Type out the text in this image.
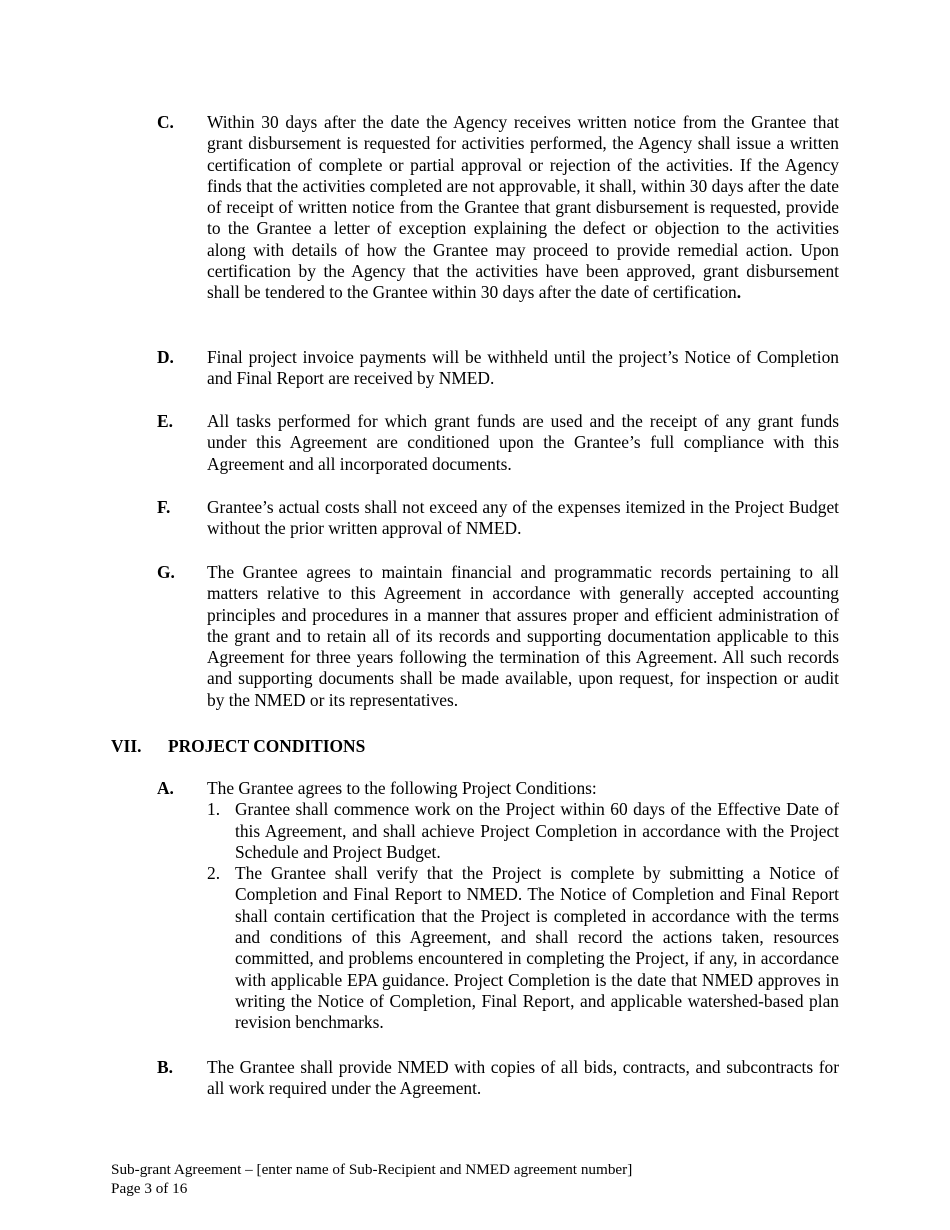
C.	Within 30 days after the date the Agency receives written notice from the Grantee that grant disbursement is requested for activities performed, the Agency shall issue a written certification of complete or partial approval or rejection of the activities. If the Agency finds that the activities completed are not approvable, it shall, within 30 days after the date of receipt of written notice from the Grantee that grant disbursement is requested, provide to the Grantee a letter of exception explaining the defect or objection to the activities along with details of how the Grantee may proceed to provide remedial action. Upon certification by the Agency that the activities have been approved, grant disbursement shall be tendered to the Grantee within 30 days after the date of certification.
D.	Final project invoice payments will be withheld until the project’s Notice of Completion and Final Report are received by NMED.
E.	All tasks performed for which grant funds are used and the receipt of any grant funds under this Agreement are conditioned upon the Grantee’s full compliance with this Agreement and all incorporated documents.
F.	Grantee’s actual costs shall not exceed any of the expenses itemized in the Project Budget without the prior written approval of NMED.
G.	The Grantee agrees to maintain financial and programmatic records pertaining to all matters relative to this Agreement in accordance with generally accepted accounting principles and procedures in a manner that assures proper and efficient administration of the grant and to retain all of its records and supporting documentation applicable to this Agreement for three years following the termination of this Agreement. All such records and supporting documents shall be made available, upon request, for inspection or audit by the NMED or its representatives.
VII. PROJECT CONDITIONS
A.	The Grantee agrees to the following Project Conditions:
1. Grantee shall commence work on the Project within 60 days of the Effective Date of this Agreement, and shall achieve Project Completion in accordance with the Project Schedule and Project Budget.
2. The Grantee shall verify that the Project is complete by submitting a Notice of Completion and Final Report to NMED. The Notice of Completion and Final Report shall contain certification that the Project is completed in accordance with the terms and conditions of this Agreement, and shall record the actions taken, resources committed, and problems encountered in completing the Project, if any, in accordance with applicable EPA guidance. Project Completion is the date that NMED approves in writing the Notice of Completion, Final Report, and applicable watershed-based plan revision benchmarks.
B.	The Grantee shall provide NMED with copies of all bids, contracts, and subcontracts for all work required under the Agreement.
Sub-grant Agreement – [enter name of Sub-Recipient and NMED agreement number]
Page 3 of 16
